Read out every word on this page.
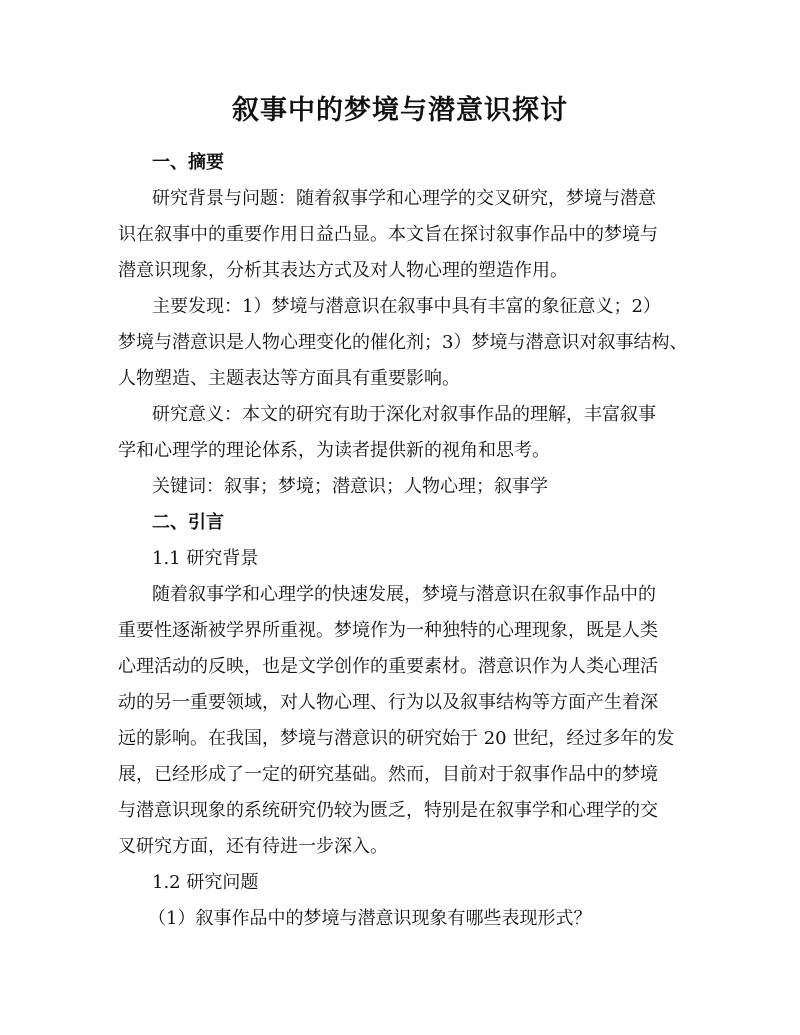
叙事中的梦境与潜意识探讨
一、摘要
研究背景与问题：随着叙事学和心理学的交叉研究，梦境与潜意
识在叙事中的重要作用日益凸显。本文旨在探讨叙事作品中的梦境与
潜意识现象，分析其表达方式及对人物心理的塑造作用。
主要发现：1）梦境与潜意识在叙事中具有丰富的象征意义；2）
梦境与潜意识是人物心理变化的催化剂；3）梦境与潜意识对叙事结构、
人物塑造、主题表达等方面具有重要影响。
研究意义：本文的研究有助于深化对叙事作品的理解，丰富叙事
学和心理学的理论体系，为读者提供新的视角和思考。
关键词：叙事；梦境；潜意识；人物心理；叙事学
二、引言
1.1 研究背景
随着叙事学和心理学的快速发展，梦境与潜意识在叙事作品中的
重要性逐渐被学界所重视。梦境作为一种独特的心理现象，既是人类
心理活动的反映，也是文学创作的重要素材。潜意识作为人类心理活
动的另一重要领域，对人物心理、行为以及叙事结构等方面产生着深
远的影响。在我国，梦境与潜意识的研究始于 20 世纪，经过多年的发
展，已经形成了一定的研究基础。然而，目前对于叙事作品中的梦境
与潜意识现象的系统研究仍较为匮乏，特别是在叙事学和心理学的交
叉研究方面，还有待进一步深入。
1.2 研究问题
（1）叙事作品中的梦境与潜意识现象有哪些表现形式？
